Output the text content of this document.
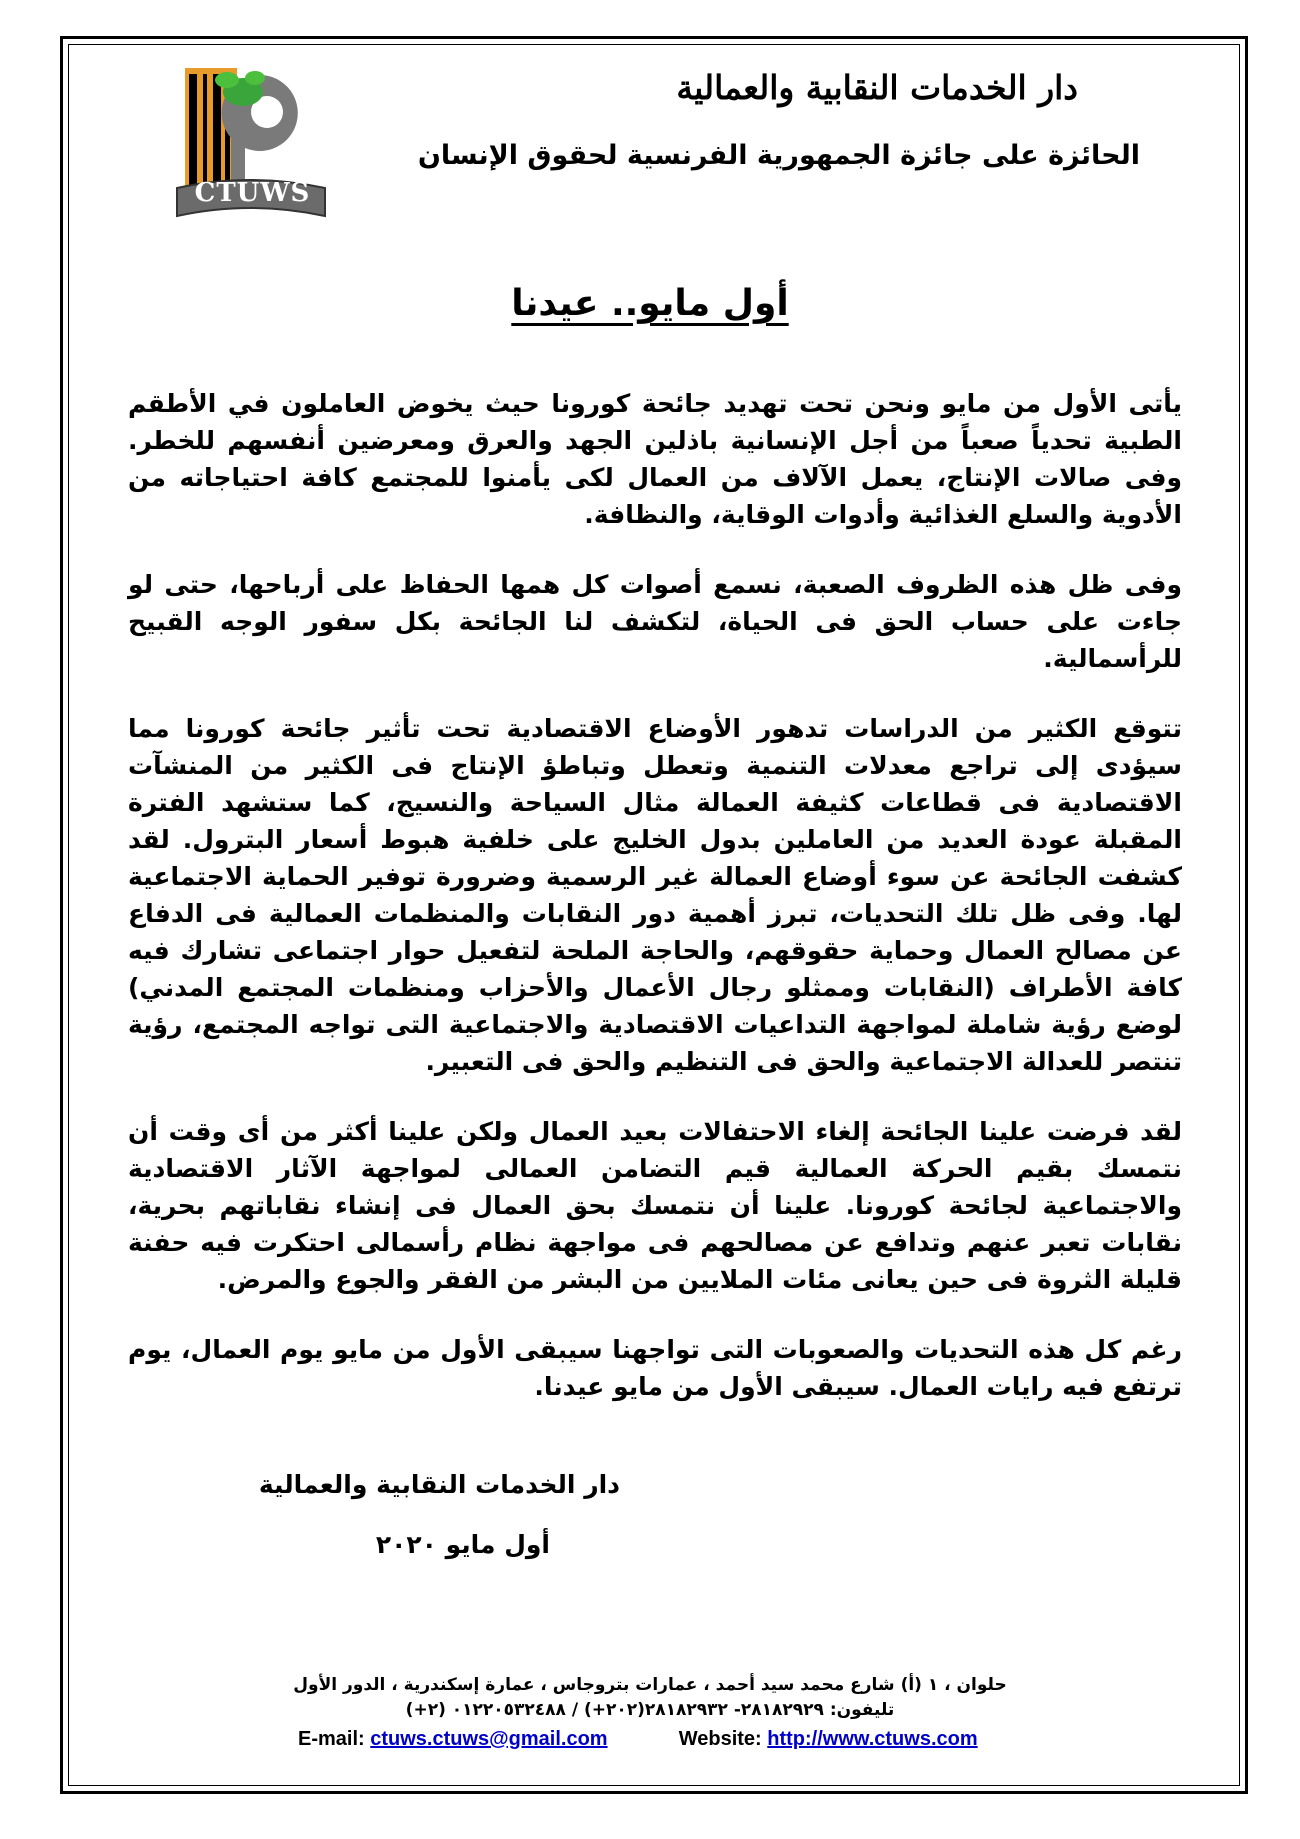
CTUWS
دار الخدمات النقابية والعمالية
الحائزة على جائزة الجمهورية الفرنسية لحقوق الإنسان
أول مايو.. عيدنا

يأتى الأول من مايو ونحن تحت تهديد جائحة كورونا حيث يخوض العاملون في الأطقم الطبية تحدياً صعباً من أجل الإنسانية باذلين الجهد والعرق ومعرضين أنفسهم للخطر. وفى صالات الإنتاج، يعمل الآلاف من العمال لكى يأمنوا للمجتمع كافة احتياجاته من الأدوية والسلع الغذائية وأدوات الوقاية، والنظافة.

وفى ظل هذه الظروف الصعبة، نسمع أصوات كل همها الحفاظ على أرباحها، حتى لو جاءت على حساب الحق فى الحياة، لتكشف لنا الجائحة بكل سفور الوجه القبيح للرأسمالية.

تتوقع الكثير من الدراسات تدهور الأوضاع الاقتصادية تحت تأثير جائحة كورونا مما سيؤدى إلى تراجع معدلات التنمية وتعطل وتباطؤ الإنتاج فى الكثير من المنشآت الاقتصادية فى قطاعات كثيفة العمالة مثال السياحة والنسيج، كما ستشهد الفترة المقبلة عودة العديد من العاملين بدول الخليج على خلفية هبوط أسعار البترول. لقد كشفت الجائحة عن سوء أوضاع العمالة غير الرسمية وضرورة توفير الحماية الاجتماعية لها. وفى ظل تلك التحديات، تبرز أهمية دور النقابات والمنظمات العمالية فى الدفاع عن مصالح العمال وحماية حقوقهم، والحاجة الملحة لتفعيل حوار اجتماعى تشارك فيه كافة الأطراف (النقابات وممثلو رجال الأعمال والأحزاب ومنظمات المجتمع المدني) لوضع رؤية شاملة لمواجهة التداعيات الاقتصادية والاجتماعية التى تواجه المجتمع، رؤية تنتصر للعدالة الاجتماعية والحق فى التنظيم والحق فى التعبير.

لقد فرضت علينا الجائحة إلغاء الاحتفالات بعيد العمال ولكن علينا أكثر من أى وقت أن نتمسك بقيم الحركة العمالية قيم التضامن العمالى لمواجهة الآثار الاقتصادية والاجتماعية لجائحة كورونا. علينا أن نتمسك بحق العمال فى إنشاء نقاباتهم بحرية، نقابات تعبر عنهم وتدافع عن مصالحهم فى مواجهة نظام رأسمالى احتكرت فيه حفنة قليلة الثروة فى حين يعانى مئات الملايين من البشر من الفقر والجوع والمرض.

رغم كل هذه التحديات والصعوبات التى تواجهنا سيبقى الأول من مايو يوم العمال، يوم ترتفع فيه رايات العمال. سيبقى الأول من مايو عيدنا.

دار الخدمات النقابية والعمالية
أول مايو ٢٠٢٠
حلوان ، ١ (أ) شارع محمد سيد أحمد ، عمارات بتروجاس ، عمارة إسكندرية ، الدور الأول
تليفون: ٢٨١٨٢٩٢٩- ٢٨١٨٢٩٣٢(٢٠٢+) / ٠١٢٢٠٥٣٢٤٨٨ (٢+)
E-mail: ctuws.ctuws@gmail.com	Website: http://www.ctuws.com
